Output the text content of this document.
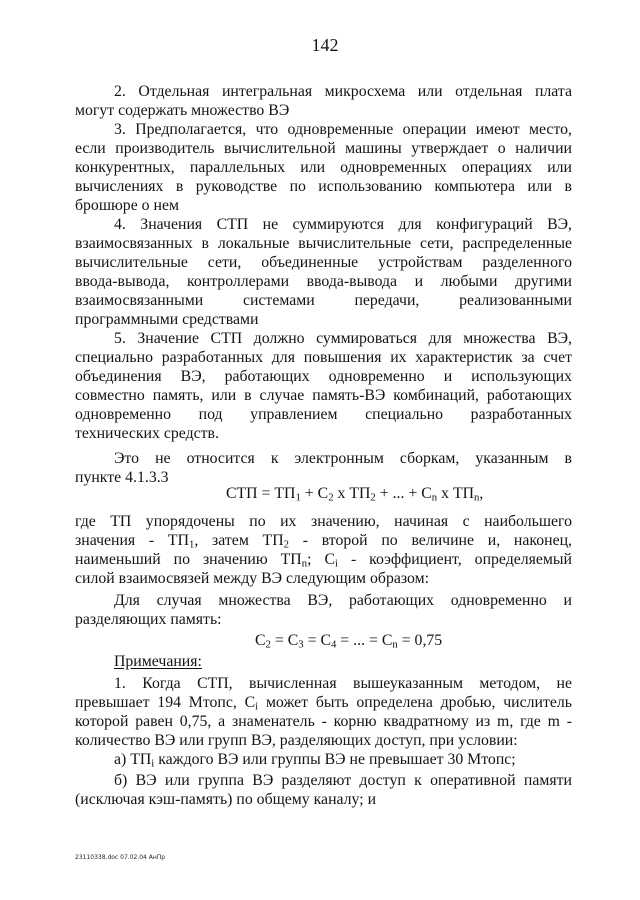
142
2. Отдельная интегральная микросхема или отдельная плата
могут содержать множество ВЭ
3. Предполагается, что одновременные операции имеют место,
если производитель вычислительной машины утверждает о наличии
конкурентных, параллельных или одновременных операциях или
вычислениях в руководстве по использованию компьютера или в
брошюре о нем
4. Значения СТП не суммируются для конфигураций ВЭ,
взаимосвязанных в локальные вычислительные сети, распределенные
вычислительные сети, объединенные устройствам разделенного
ввода-вывода, контроллерами ввода-вывода и любыми другими
взаимосвязанными системами передачи, реализованными
программными средствами
5. Значение СТП должно суммироваться для множества ВЭ,
специально разработанных для повышения их характеристик за счет
объединения ВЭ, работающих одновременно и использующих
совместно память, или в случае память-ВЭ комбинаций, работающих
одновременно под управлением специально разработанных
технических средств.
Это не относится к электронным сборкам, указанным в
пункте 4.1.3.3
СТП = $ТП_1 + С_2$ х $ТП_2$ + ... + $С_n$ х $ТП_n$,
где ТП упорядочены по их значению, начиная с наибольшего
значения - $ТП_1$, затем $ТП_2$ - второй по величине и, наконец,
наименьший по значению $ТП_n$; $С_i$ - коэффициент, определяемый
силой взаимосвязей между ВЭ следующим образом:
Для случая множества ВЭ, работающих одновременно и
разделяющих память:
$С_2 = С_3 = С_4$ = ... = $С_n = 0,75$
Примечания:
1. Когда СТП, вычисленная вышеуказанным методом, не
превышает 194 Мтопс, $С_i$ может быть определена дробью, числитель
которой равен 0,75, а знаменатель - корню квадратному из m, где m -
количество ВЭ или групп ВЭ, разделяющих доступ, при условии:
а) $ТП_i$ каждого ВЭ или группы ВЭ не превышает 30 Мтопс;
б) ВЭ или группа ВЭ разделяют доступ к оперативной памяти
(исключая кэш-память) по общему каналу; и
23110338.doc 07.02.04 АнПр
